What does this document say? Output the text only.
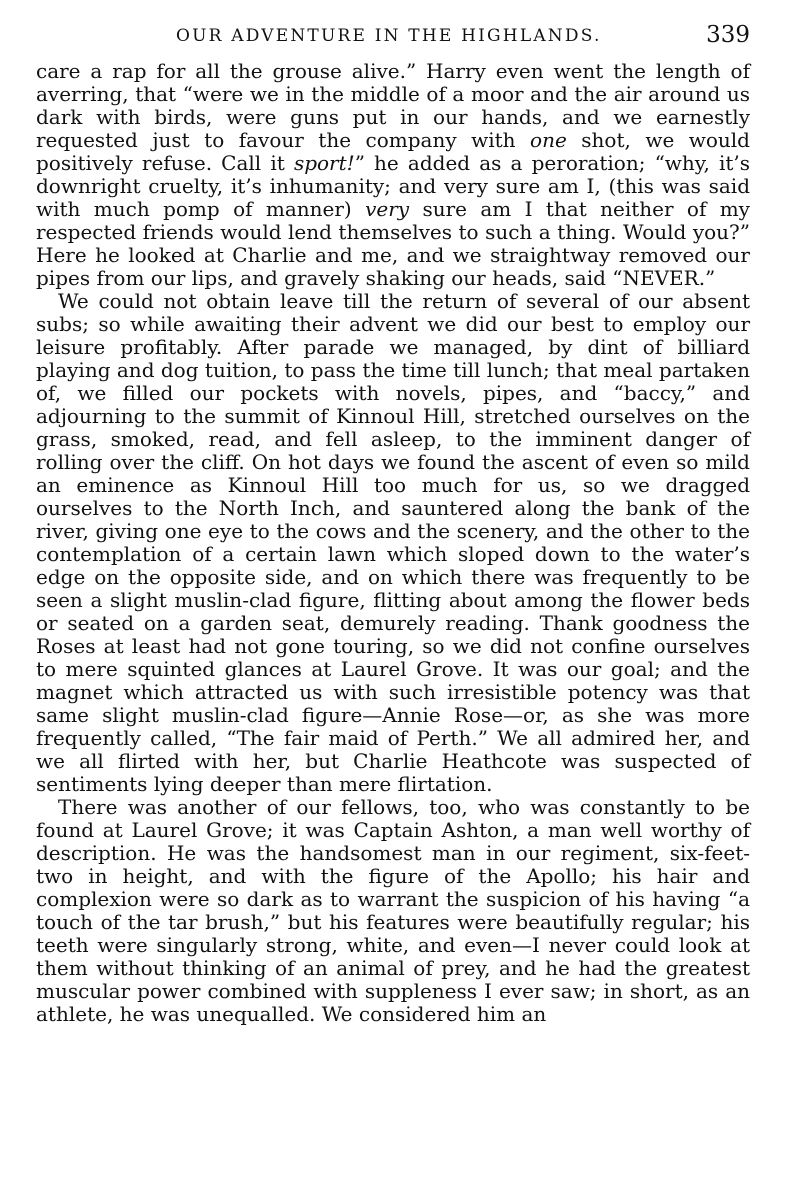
OUR ADVENTURE IN THE HIGHLANDS.	339

care a rap for all the grouse alive.” Harry even went the length of averring, that “were we in the middle of a moor and the air around us dark with birds, were guns put in our hands, and we earnestly requested just to favour the company with one shot, we would positively refuse. Call it sport!” he added as a peroration; “why, it’s downright cruelty, it’s inhumanity; and very sure am I, (this was said with much pomp of manner) very sure am I that neither of my respected friends would lend themselves to such a thing. Would you?” Here he looked at Charlie and me, and we straightway removed our pipes from our lips, and gravely shaking our heads, said “NEVER.”

We could not obtain leave till the return of several of our absent subs; so while awaiting their advent we did our best to employ our leisure profitably. After parade we managed, by dint of billiard playing and dog tuition, to pass the time till lunch; that meal partaken of, we filled our pockets with novels, pipes, and “baccy,” and adjourning to the summit of Kinnoul Hill, stretched ourselves on the grass, smoked, read, and fell asleep, to the imminent danger of rolling over the cliff. On hot days we found the ascent of even so mild an eminence as Kinnoul Hill too much for us, so we dragged ourselves to the North Inch, and sauntered along the bank of the river, giving one eye to the cows and the scenery, and the other to the contemplation of a certain lawn which sloped down to the water’s edge on the opposite side, and on which there was frequently to be seen a slight muslin-clad figure, flitting about among the flower beds or seated on a garden seat, demurely reading. Thank goodness the Roses at least had not gone touring, so we did not confine ourselves to mere squinted glances at Laurel Grove. It was our goal; and the magnet which attracted us with such irresistible potency was that same slight muslin-clad figure—Annie Rose—or, as she was more frequently called, “The fair maid of Perth.” We all admired her, and we all flirted with her, but Charlie Heathcote was suspected of sentiments lying deeper than mere flirtation.

There was another of our fellows, too, who was constantly to be found at Laurel Grove; it was Captain Ashton, a man well worthy of description. He was the handsomest man in our regiment, six-feet-two in height, and with the figure of the Apollo; his hair and complexion were so dark as to warrant the suspicion of his having “a touch of the tar brush,” but his features were beautifully regular; his teeth were singularly strong, white, and even—I never could look at them without thinking of an animal of prey, and he had the greatest muscular power combined with suppleness I ever saw; in short, as an athlete, he was unequalled. We considered him an
